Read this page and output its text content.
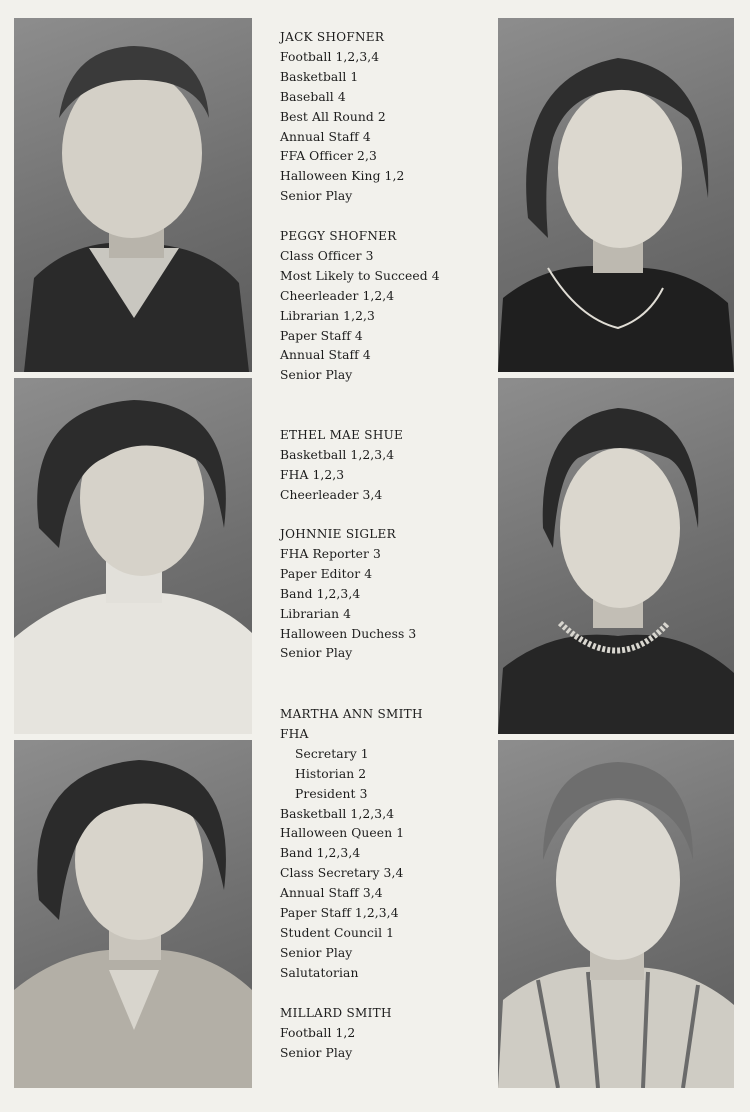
JACK SHOFNER
Football 1,2,3,4
Basketball 1
Baseball 4
Best All Round 2
Annual Staff 4
FFA Officer 2,3
Halloween King 1,2
Senior Play
PEGGY SHOFNER
Class Officer 3
Most Likely to Succeed 4
Cheerleader 1,2,4
Librarian 1,2,3
Paper Staff 4
Annual Staff 4
Senior Play
ETHEL MAE SHUE
Basketball 1,2,3,4
FHA 1,2,3
Cheerleader 3,4
JOHNNIE SIGLER
FHA Reporter 3
Paper Editor 4
Band 1,2,3,4
Librarian 4
Halloween Duchess 3
Senior Play
MARTHA ANN SMITH
FHA
Secretary 1
Historian 2
President 3
Basketball 1,2,3,4
Halloween Queen 1
Band 1,2,3,4
Class Secretary 3,4
Annual Staff 3,4
Paper Staff 1,2,3,4
Student Council 1
Senior Play
Salutatorian
MILLARD SMITH
Football 1,2
Senior Play
